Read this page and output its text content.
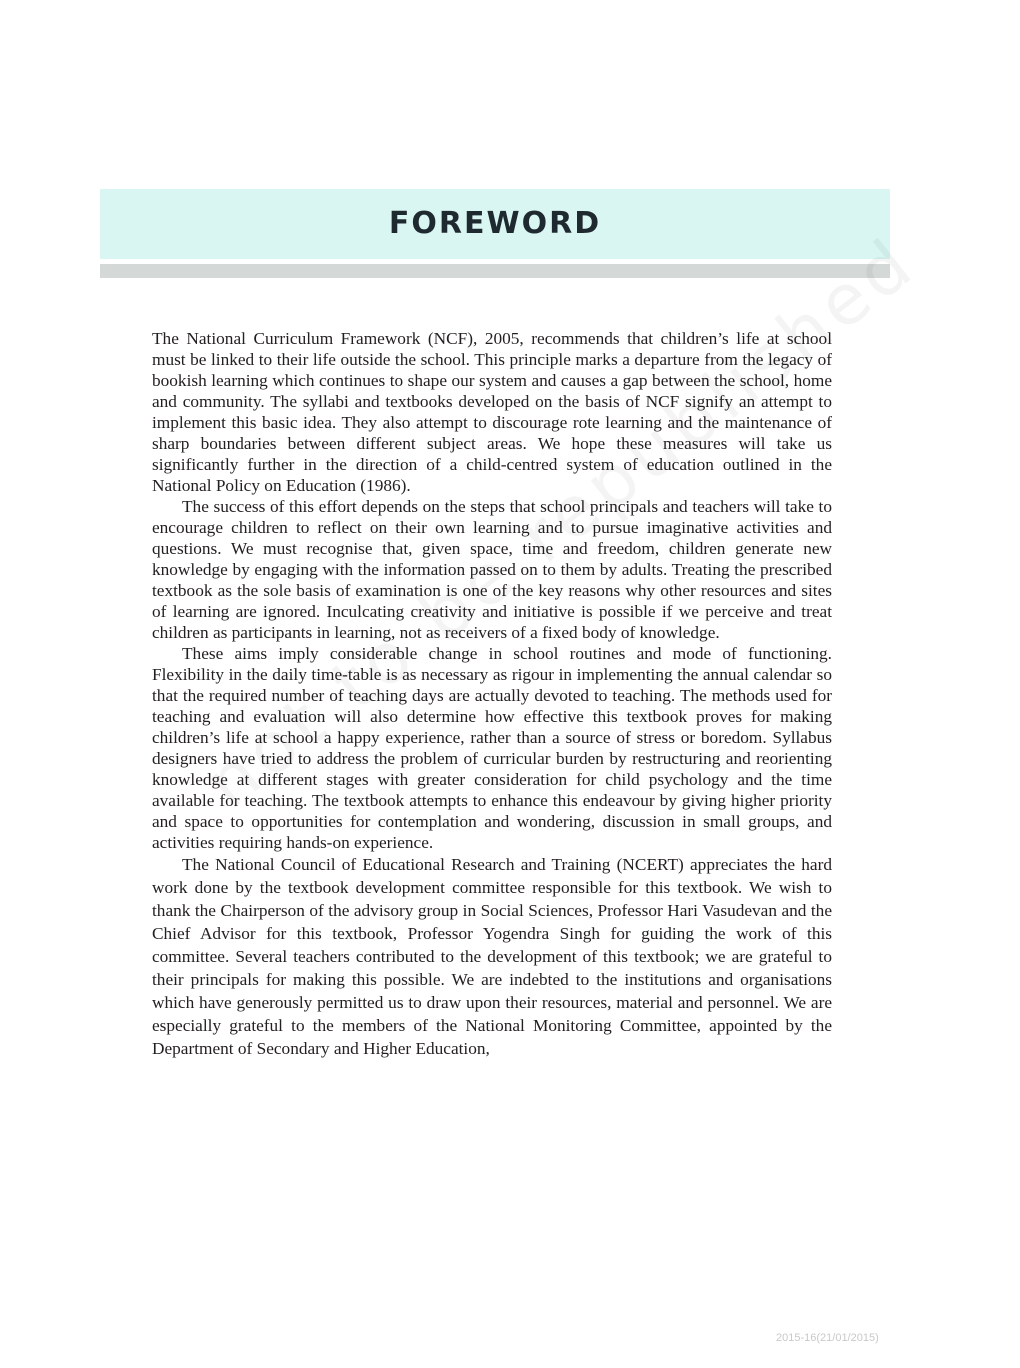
FOREWORD

The National Curriculum Framework (NCF), 2005, recommends that children’s life at school must be linked to their life outside the school. This principle marks a departure from the legacy of bookish learning which continues to shape our system and causes a gap between the school, home and community. The syllabi and textbooks developed on the basis of NCF signify an attempt to implement this basic idea. They also attempt to discourage rote learning and the maintenance of sharp boundaries between different subject areas. We hope these measures will take us significantly further in the direction of a child-centred system of education outlined in the National Policy on Education (1986).

The success of this effort depends on the steps that school principals and teachers will take to encourage children to reflect on their own learning and to pursue imaginative activities and questions. We must recognise that, given space, time and freedom, children generate new knowledge by engaging with the information passed on to them by adults. Treating the prescribed textbook as the sole basis of examination is one of the key reasons why other resources and sites of learning are ignored. Inculcating creativity and initiative is possible if we perceive and treat children as participants in learning, not as receivers of a fixed body of knowledge.

These aims imply considerable change in school routines and mode of functioning. Flexibility in the daily time-table is as necessary as rigour in implementing the annual calendar so that the required number of teaching days are actually devoted to teaching. The methods used for teaching and evaluation will also determine how effective this textbook proves for making children’s life at school a happy experience, rather than a source of stress or boredom. Syllabus designers have tried to address the problem of curricular burden by restructuring and reorienting knowledge at different stages with greater consideration for child psychology and the time available for teaching. The textbook attempts to enhance this endeavour by giving higher priority and space to opportunities for contemplation and wondering, discussion in small groups, and activities requiring hands-on experience.

The National Council of Educational Research and Training (NCERT) appreciates the hard work done by the textbook development committee responsible for this textbook. We wish to thank the Chairperson of the advisory group in Social Sciences, Professor Hari Vasudevan and the Chief Advisor for this textbook, Professor Yogendra Singh for guiding the work of this committee. Several teachers contributed to the development of this textbook; we are grateful to their principals for making this possible. We are indebted to the institutions and organisations which have generously permitted us to draw upon their resources, material and personnel. We are especially grateful to the members of the National Monitoring Committee, appointed by the Department of Secondary and Higher Education,

2015-16(21/01/2015)
